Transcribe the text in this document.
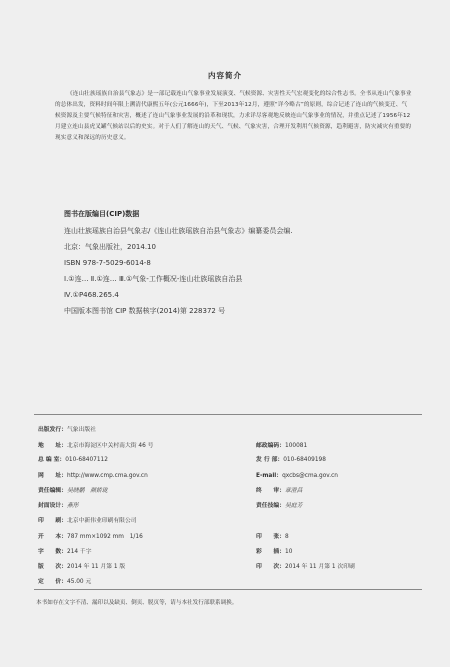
内容简介

《连山壮族瑶族自治县气象志》是一部记载连山气象事业发展演变、气候资源、灾害性天气宏观变化的综合性志书。全书从连山气象事业的总体出发，资料时间年限上溯清代康熙五年(公元1666年)，下至2013年12月，遵照“详今略古”的原则，综合记述了连山的气候变迁、气候资源及主要气候特征和灾害，概述了连山气象事业发展的沿革和现状，力求详尽客观地反映连山气象事业的情况，并重点记述了1956年12月建立连山县虎叉罐气候站以后的史实。对于人们了解连山的天气、气候、气象灾害，合理开发利用气候资源，趋利避害，防灾减灾有重要的现实意义和深远的历史意义。

图书在版编目(CIP)数据
连山壮族瑶族自治县气象志/《连山壮族瑶族自治县气象志》编纂委员会编.
北京：气象出版社，2014.10
ISBN 978-7-5029-6014-8
Ⅰ.①连… Ⅱ.①连… Ⅲ.①气象-工作概况-连山壮族瑶族自治县
Ⅳ.①P468.265.4
中国版本图书馆 CIP 数据核字(2014)第 228372 号
出版发行：气象出版社
地　　址：北京市海淀区中关村南大街 46 号	邮政编码：100081
总 编 室：010-68407112	发 行 部：010-68409198
网　　址：http://www.cmp.cma.gov.cn	E-mail：qxcbs@cma.gov.cn
责任编辑：吴晓鹏　颜娇珑	终　　审：章澄昌
封面设计：燕彤	责任技编：吴庭芳
印　　刷：北京中新伟业印刷有限公司
开　　本：787 mm×1092 mm　1/16	印　　张：8
字　　数：214 千字	彩　　插：10
版　　次：2014 年 11 月第 1 版	印　　次：2014 年 11 月第 1 次印刷
定　　价：45.00 元
本书如存在文字不清、漏印以及缺页、倒页、脱页等，请与本社发行部联系调换。
